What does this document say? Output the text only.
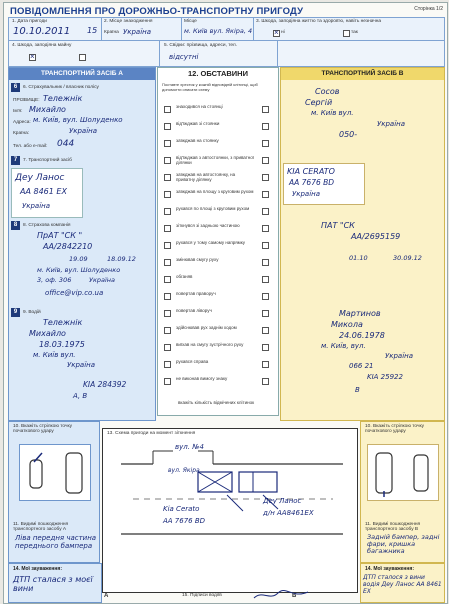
ПОВІДОМЛЕННЯ ПРО ДОРОЖНЬО-ТРАНСПОРТНУ ПРИГОДУ	Сторінка 1/2
1. Дата пригоди
10.10.2011 15
2. Місце знаходження
Країна Україна
Місце
м. Київ вул. Якіра, 4
3. Шкода, заподіяна життю та здоров'ю, навіть незначна
×
ні	так
4. Шкода, заподіяна майну
×	5. Свідки: прізвища, адреси, тел.
відсутні
ТРАНСПОРТНИЙ ЗАСІБ А
6	6. Страхувальник / власник полісу
ПРІЗВИЩЕ: Тележнік
Ім'я: Михайло
Адреса: м. Київ, вул. Шолуденко
Країна:	Україна
Тел. або e-mail: 044
7	7. Транспортний засіб
Деу Ланос
АА 8461 ЕХ
Україна
8	8. Страхова компанія
ПрАТ "СК "
АА/2842210
19.09	18.09.12
м. Київ, вул. Шолуденко
3, оф. 306	Україна
office@vip.co.ua
9	9. Водій
Тележнік
Михайло
18.03.1975
м. Київ вул.
Україна
KIA 284392
A, B
12. ОБСТАВИНИ
Поставте хрестик у кожній відповідній клітинці, щоб допомогти описати схему
знаходився на стоянці
від'їжджав зі стоянки
заїжджав на стоянку
від'їжджав з автостоянки, з приватної ділянки
заїжджав на автостоянку, на приватну ділянку
заїжджав на площу з круговим рухом
рухався по площі з круговим рухом
зіткнувся зі задньою частиною
рухався у тому самому напрямку
змінював смугу руху
обганяв
повертав праворуч
повертав ліворуч
здійснював рух заднім ходом
виїхав на смугу зустрічного руху
рухався справа
не виконав вимогу знаку
вкажіть кількість відмічених клітинок
ТРАНСПОРТНИЙ ЗАСІБ В
Сосов
Сергій
м. Київ вул.
Україна
050-
KIA CERATO
AA 7676 BD
Україна
ПАТ "СК
АА/2695159
01.10	30.09.12
Мартинов
Микола
24.06.1978
м. Київ, вул.
Україна
066 21
KIA 25922
B
10. Вкажіть стрілкою точку початкового удару
11. Видимі пошкодження транспортного засобу А
Ліва передня частина переднього бампера
13. Схема пригоди на момент зіткнення
вул. №4
вул. Якіра
Kia Cerato
AA 7676 BD
Деу Ланос
д/н АА8461ЕХ
10. Вкажіть стрілкою точку початкового удару
11. Видимі пошкодження транспортного засобу В
Задній бампер, задні фари, кришка багажника
14. Мої зауваження:
ДТП сталася з моєї вини
15. Підписи водіїв
А	В
14. Мої зауваження:
ДТП сталося з вини водія Деу Ланос АА 8461 ЕХ
